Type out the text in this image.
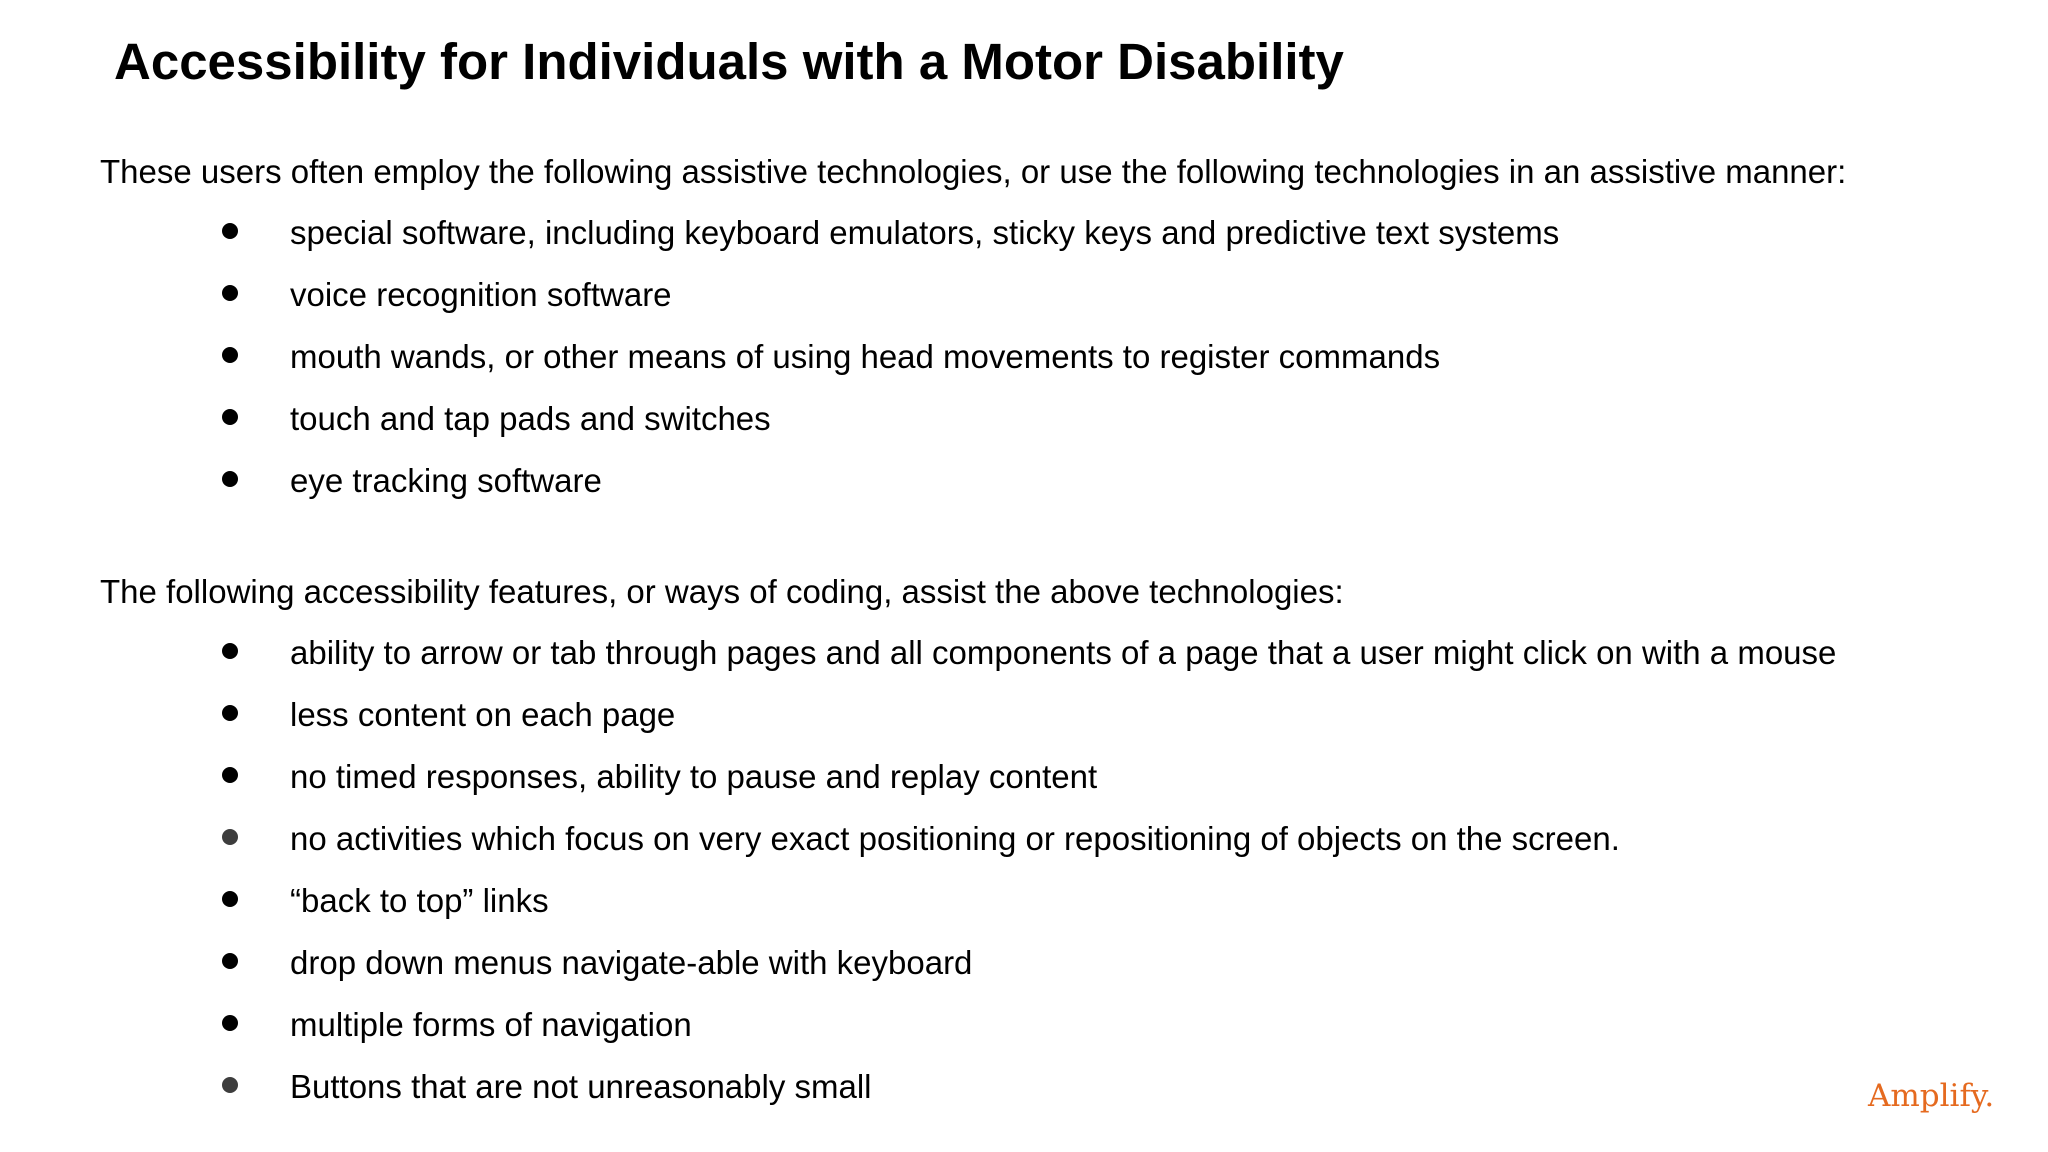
Accessibility for Individuals with a Motor Disability

These users often employ the following assistive technologies, or use the following technologies in an assistive manner:

special software, including keyboard emulators, sticky keys and predictive text systems
voice recognition software
mouth wands, or other means of using head movements to register commands
touch and tap pads and switches
eye tracking software

The following accessibility features, or ways of coding, assist the above technologies:

ability to arrow or tab through pages and all components of a page that a user might click on with a mouse
less content on each page
no timed responses, ability to pause and replay content
no activities which focus on very exact positioning or repositioning of objects on the screen.
“back to top” links
drop down menus navigate-able with keyboard
multiple forms of navigation
Buttons that are not unreasonably small	Amplify.
